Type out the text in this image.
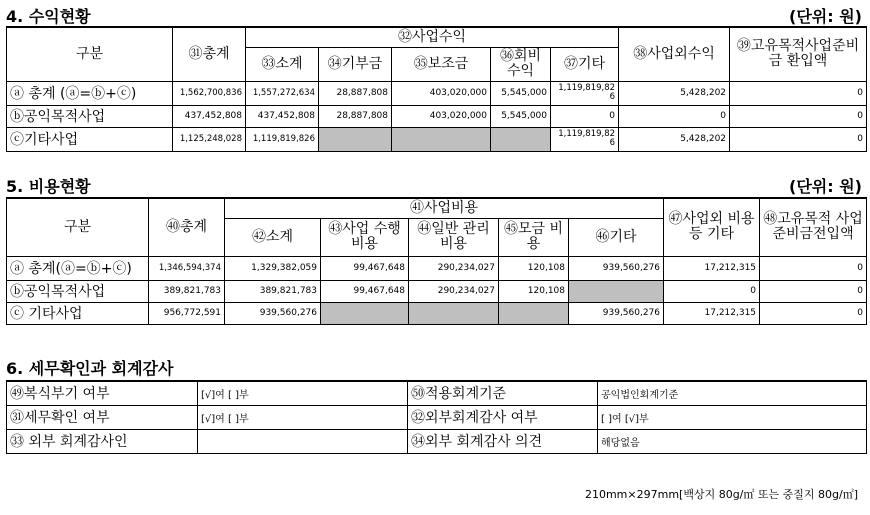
4. 수익현황	(단위: 원)
구분	㉛총계	㉜사업수익					㊳사업외수익	㊴고유목적사업준비금 환입액
		㉝소계	㉞기부금	㉟보조금	㊱회비 수익	㊲기타		
ⓐ 총계 (ⓐ=ⓑ+ⓒ)	1,562,700,836	1,557,272,634	28,887,808	403,020,000	5,545,000	1,119,819,826	5,428,202	0
ⓑ공익목적사업	437,452,808	437,452,808	28,887,808	403,020,000	5,545,000	0	0	0
ⓒ기타사업	1,125,248,028	1,119,819,826				1,119,819,826	5,428,202	0
5. 비용현황	(단위: 원)
구분	㊵총계	㊶사업비용					㊼사업외 비용 등 기타	㊽고유목적 사업준비금전입액
		㊷소계	㊸사업 수행비용	㊹일반 관리비용	㊺모금 비용	㊻기타		
ⓐ 총계(ⓐ=ⓑ+ⓒ)	1,346,594,374	1,329,382,059	99,467,648	290,234,027	120,108	939,560,276	17,212,315	0
ⓑ공익목적사업	389,821,783	389,821,783	99,467,648	290,234,027	120,108		0	0
ⓒ 기타사업	956,772,591	939,560,276				939,560,276	17,212,315	0
6. 세무확인과 회계감사
㊾복식부기 여부	[√]여 [ ]부	㊿적용회계기준	공익법인회계기준
㉛세무확인 여부	[√]여 [ ]부	㉜외부회계감사 여부	[ ]여 [√]부
㉝ 외부 회계감사인		㉞외부 회계감사 의견	해당없음
210mm×297mm[백상지 80g/㎡ 또는 중질지 80g/㎡]
